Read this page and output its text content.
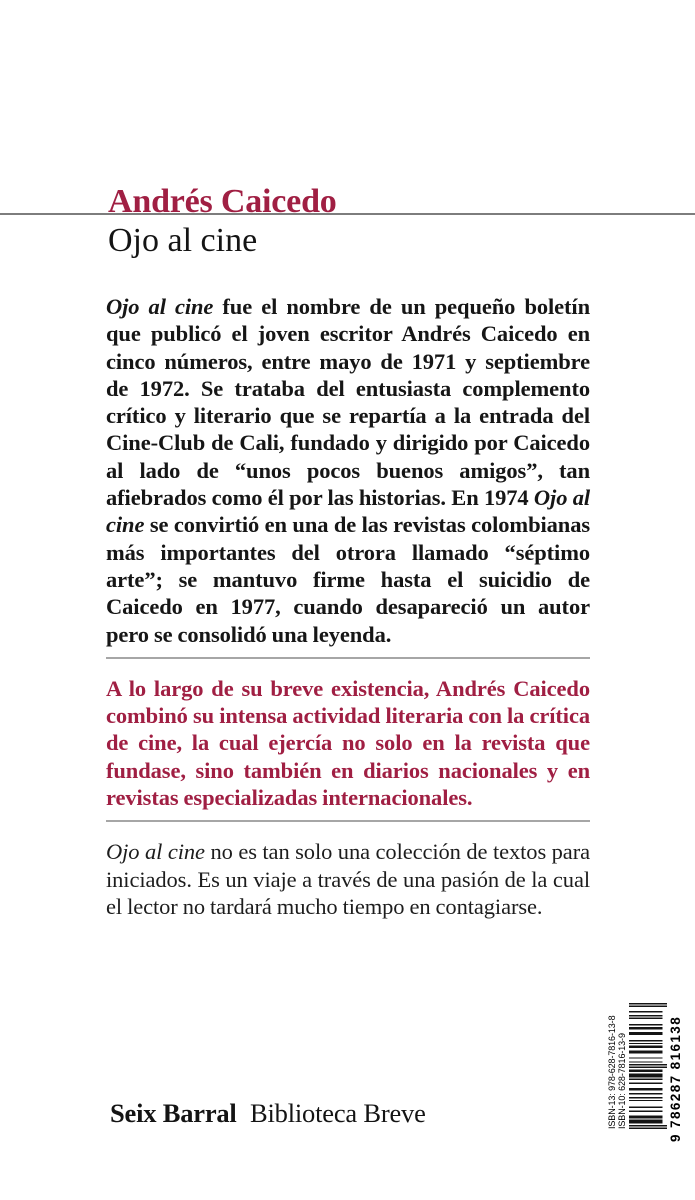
Andrés Caicedo
Ojo al cine

Ojo al cine fue el nombre de un pequeño boletín que publicó el joven escritor Andrés Caicedo en cinco números, entre mayo de 1971 y septiembre de 1972. Se trataba del entusiasta complemento crítico y literario que se repartía a la entrada del Cine-Club de Cali, fundado y dirigido por Caicedo al lado de “unos pocos buenos amigos”, tan afiebrados como él por las historias. En 1974 Ojo al cine se convirtió en una de las revistas colombianas más importantes del otrora llamado “séptimo arte”; se mantuvo firme hasta el suicidio de Caicedo en 1977, cuando desapareció un autor pero se consolidó una leyenda.

A lo largo de su breve existencia, Andrés Caicedo combinó su intensa actividad literaria con la crítica de cine, la cual ejercía no solo en la revista que fundase, sino también en diarios nacionales y en revistas especializadas internacionales.

Ojo al cine no es tan solo una colección de textos para iniciados. Es un viaje a través de una pasión de la cual el lector no tardará mucho tiempo en contagiarse.

Seix Barral Biblioteca Breve	ISBN-13: 978-628-7816-13-8 ISBN-10: 628-7816-13-9	9 786287 816138
